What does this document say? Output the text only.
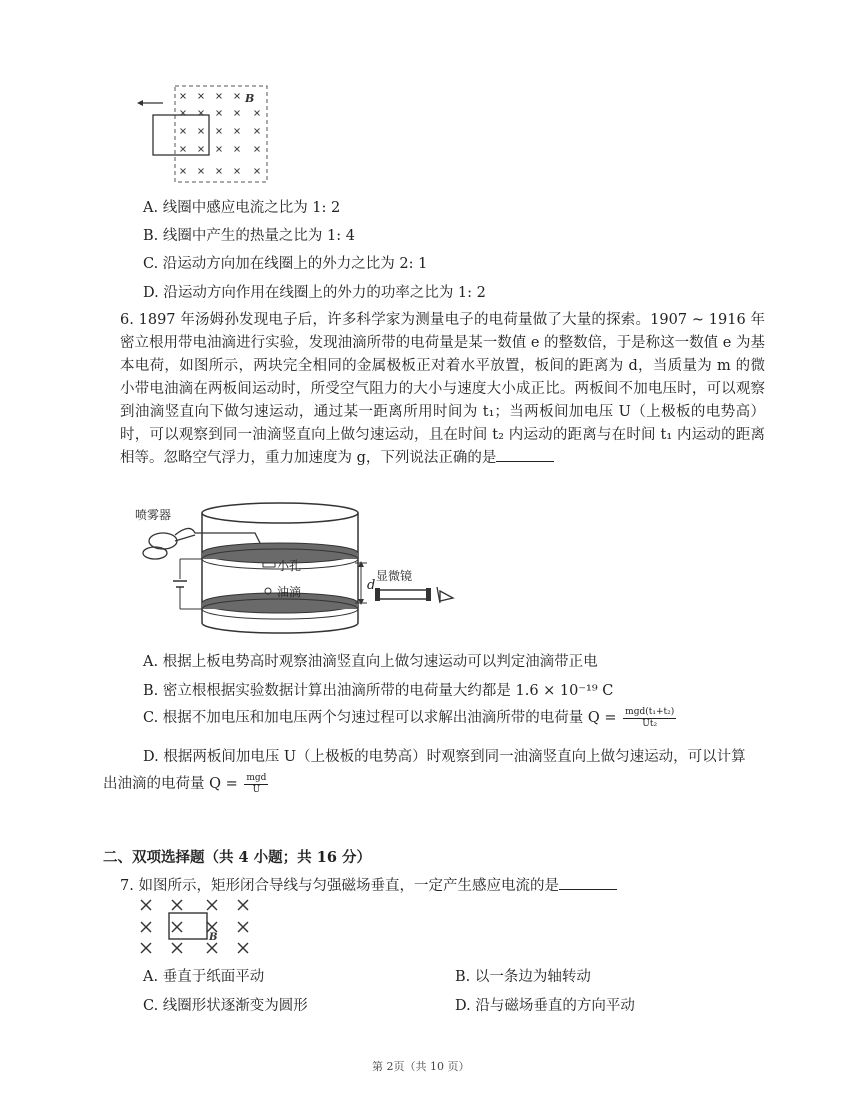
B
A. 线圈中感应电流之比为 1: 2
B. 线圈中产生的热量之比为 1: 4
C. 沿运动方向加在线圈上的外力之比为 2: 1
D. 沿运动方向作用在线圈上的外力的功率之比为 1: 2
6. 1897 年汤姆孙发现电子后，许多科学家为测量电子的电荷量做了大量的探索。1907 ~ 1916 年密立根用带电油滴进行实验，发现油滴所带的电荷量是某一数值 e 的整数倍，于是称这一数值 e 为基本电荷，如图所示，两块完全相同的金属极板正对着水平放置，板间的距离为 d，当质量为 m 的微小带电油滴在两板间运动时，所受空气阻力的大小与速度大小成正比。两板间不加电压时，可以观察到油滴竖直向下做匀速运动，通过某一距离所用时间为 t₁；当两板间加电压 U（上极板的电势高）时，可以观察到同一油滴竖直向上做匀速运动，且在时间 t₂ 内运动的距离与在时间 t₁ 内运动的距离相等。忽略空气浮力，重力加速度为 g，下列说法正确的是
喷雾器
小孔
油滴	d
显微镜
A. 根据上板电势高时观察油滴竖直向上做匀速运动可以判定油滴带正电
B. 密立根根据实验数据计算出油滴所带的电荷量大约都是 1.6 × 10⁻¹⁹ C
C. 根据不加电压和加电压两个匀速过程可以求解出油滴所带的电荷量 $Q = \frac{\text{mgd(t₁+t₂)}}{\text{Ut₂}}$
D. 根据两板间加电压 U（上极板的电势高）时观察到同一油滴竖直向上做匀速运动，可以计算
出油滴的电荷量 $Q = \frac{\text{mgd}}{U}$
二、双项选择题（共 4 小题；共 16 分）
7. 如图所示，矩形闭合导线与匀强磁场垂直，一定产生感应电流的是
B
A. 垂直于纸面平动	B. 以一条边为轴转动
C. 线圈形状逐渐变为圆形	D. 沿与磁场垂直的方向平动
第 2页（共 10 页）
